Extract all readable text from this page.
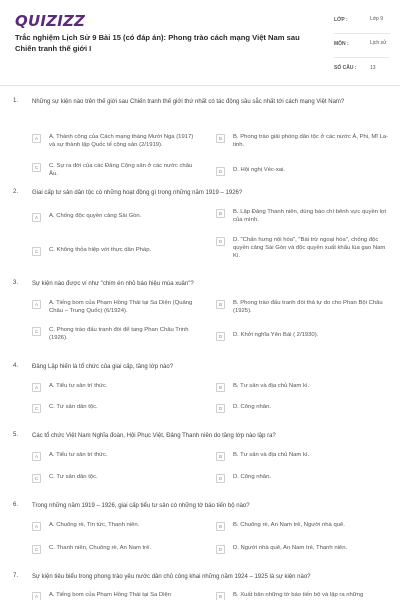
QUIZIZZ
Trắc nghiệm Lịch Sử 9 Bài 15 (có đáp án): Phong trào cách mạng Việt Nam sau Chiến tranh thế giới I
LỚP :	Lớp 9
MÔN :	Lịch sử
SỐ CÂU :	13
1. Những sự kiện nào trên thế giới sau Chiến tranh thế giới thứ nhất có tác động sâu sắc nhất tới cách mạng Việt Nam?
A	A. Thành công của Cách mạng tháng Mười Nga (1917) và sự thành lập Quốc tế cộng sản (2/1919).
B	B. Phong trào giải phóng dân tộc ở các nước Á, Phi, Mĩ La-tinh.
C	C. Sự ra đời của các Đảng Cộng sản ở các nước châu Âu.	D	D. Hội nghị Véc-xai.
2. Giai cấp tư sản dân tộc có những hoạt động gì trong những năm 1919 – 1926?
A	A. Chống độc quyền cảng Sài Gòn.	B	B. Lập Đảng Thanh niên, dùng báo chí bênh vực quyền lợi của mình.
C	C. Không thỏa hiệp với thực dân Pháp.
D	D. "Chấn hưng nội hóa", "Bài trừ ngoại hóa", chống độc quyền cảng Sài Gòn và độc quyền xuất khẩu lúa gạo Nam Kì.
3. Sự kiện nào được ví như "chim én nhỏ báo hiệu mùa xuân"?
A	A. Tiếng bom của Phạm Hồng Thái tại Sa Diện (Quảng Châu – Trung Quốc) (6/1924).
B	B. Phong trào đấu tranh đòi thả tự do cho Phan Bội Châu (1925).
C	C. Phong trào đấu tranh đòi để tang Phan Châu Trinh (1926).	D	D. Khởi nghĩa Yên Bái ( 2/1930).
4. Đảng Lập hiến là tổ chức của giai cấp, tầng lớp nào?
A	A. Tiểu tư sản trí thức.	B	B. Tư sản và địa chủ Nam kì.
C	C. Tư sản dân tộc.	D	D. Công nhân.
5. Các tổ chức Việt Nam Nghĩa đoàn, Hội Phục Việt, Đảng Thanh niên do tầng lớp nào lập ra?
A	A. Tiểu tư sản trí thức.	B	B. Tư sản và địa chủ Nam kì.
C	C. Tư sản dân tộc.	D	D. Công nhân.
6. Trong những năm 1919 – 1926, giai cấp tiểu tư sản có những tờ báo tiến bộ nào?
A	A. Chuông rè, Tin tức, Thanh niên.	B	B. Chuông rè, An Nam trẻ, Người nhà quê.
C	C. Thanh niên, Chuông rè, An Nam trẻ.	D	D. Người nhà quê, An Nam trẻ, Thanh niên.
7. Sự kiện tiêu biểu trong phong trào yêu nước dân chủ công khai những năm 1924 – 1925 là sự kiện nào?
A	A. Tiếng bom của Phạm Hồng Thái tại Sa Diện	B	B. Xuất bản những tờ báo tiến bộ và lập ra những
